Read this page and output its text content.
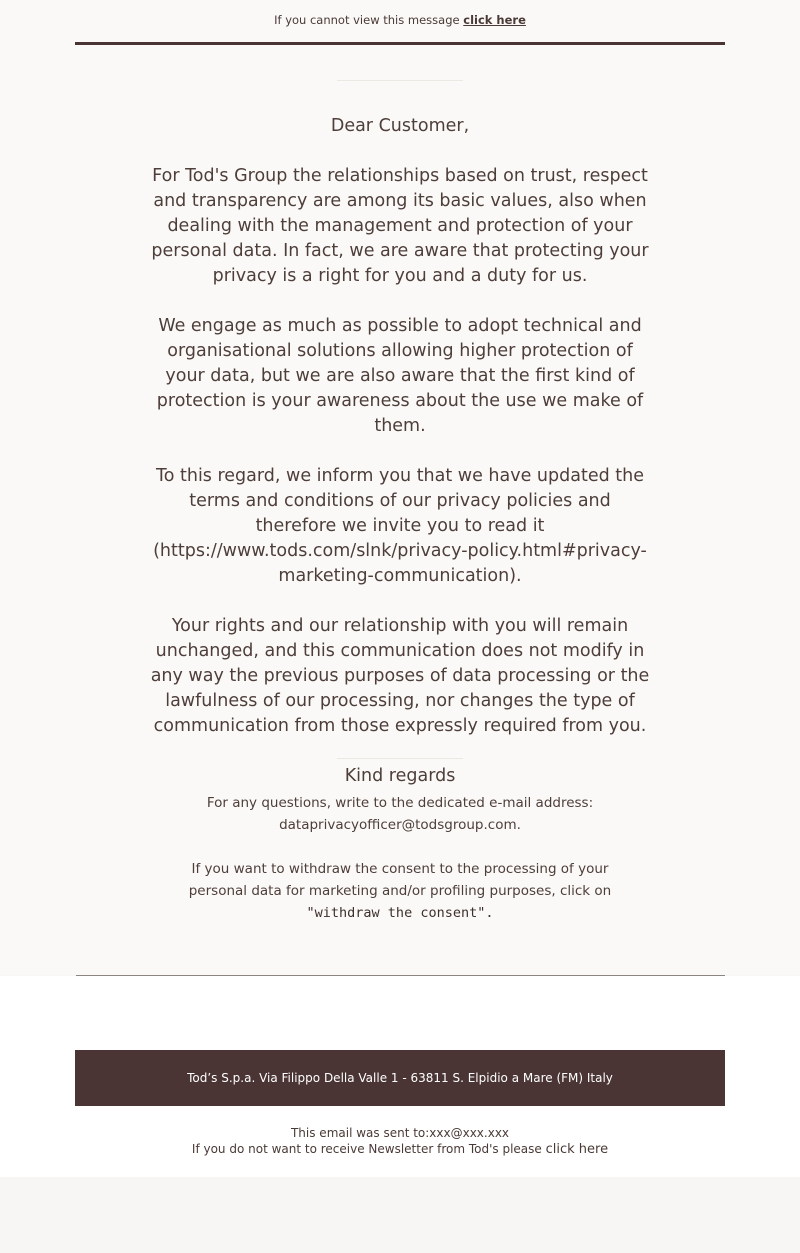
If you cannot view this message click here

Dear Customer,

For Tod's Group the relationships based on trust, respect and transparency are among its basic values, also when dealing with the management and protection of your personal data. In fact, we are aware that protecting your privacy is a right for you and a duty for us.

We engage as much as possible to adopt technical and organisational solutions allowing higher protection of your data, but we are also aware that the first kind of protection is your awareness about the use we make of them.

To this regard, we inform you that we have updated the terms and conditions of our privacy policies and therefore we invite you to read it (https://www.tods.com/slnk/privacy-policy.html#privacy-marketing-communication).

Your rights and our relationship with you will remain unchanged, and this communication does not modify in any way the previous purposes of data processing or the lawfulness of our processing, nor changes the type of communication from those expressly required from you.

Kind regards

For any questions, write to the dedicated e-mail address:
dataprivacyofficer@todsgroup.com.

If you want to withdraw the consent to the processing of your personal data for marketing and/or profiling purposes, click on "withdraw the consent".

Tod’s S.p.a. Via Filippo Della Valle 1 - 63811 S. Elpidio a Mare (FM) Italy
This email was sent to:xxx@xxx.xxx
If you do not want to receive Newsletter from Tod's please click here
